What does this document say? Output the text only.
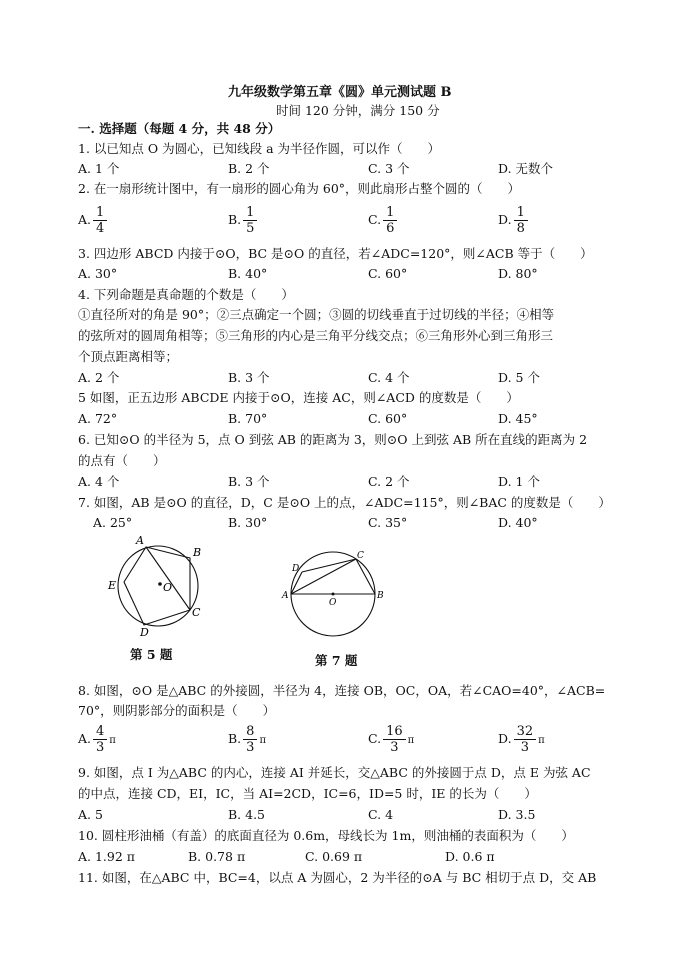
九年级数学第五章《圆》单元测试题 B
时间 120 分钟，满分 150 分
一. 选择题（每题 4 分，共 48 分）
1. 以已知点 O 为圆心，已知线段 a 为半径作圆，可以作（　　）
A. 1 个	B. 2 个	C. 3 个	D. 无数个
2. 在一扇形统计图中，有一扇形的圆心角为 60°，则此扇形占整个圆的（　　）
A. $\frac{1}{4}$	B. $\frac{1}{5}$	C. $\frac{1}{6}$	D. $\frac{1}{8}$
3. 四边形 ABCD 内接于⊙O，BC 是⊙O 的直径，若∠ADC=120°，则∠ACB 等于（　　）
A. 30°	B. 40°	C. 60°	D. 80°
4. 下列命题是真命题的个数是（　　）
①直径所对的角是 90°；②三点确定一个圆；③圆的切线垂直于过切线的半径；④相等
的弦所对的圆周角相等；⑤三角形的内心是三角平分线交点；⑥三角形外心到三角形三
个顶点距离相等；
A. 2 个	B. 3 个	C. 4 个	D. 5 个
5 如图，正五边形 ABCDE 内接于⊙O，连接 AC，则∠ACD 的度数是（　　）
A. 72°	B. 70°	C. 60°	D. 45°
6. 已知⊙O 的半径为 5，点 O 到弦 AB 的距离为 3，则⊙O 上到弦 AB 所在直线的距离为 2
的点有（　　）
A. 4 个	B. 3 个	C. 2 个	D. 1 个
7. 如图，AB 是⊙O 的直径，D，C 是⊙O 上的点，∠ADC=115°，则∠BAC 的度数是（　　）
A. 25°	B. 30°	C. 35°	D. 40°
A
B
C
D
E	O
第 5 题
A	B
C
D
O
第 7 题
8. 如图，⊙O 是△ABC 的外接圆，半径为 4，连接 OB，OC，OA，若∠CAO=40°，∠ACB=
70°，则阴影部分的面积是（　　）
A. $\frac{4}{3}$ π	B. $\frac{8}{3}$ π	C. $\frac{16}{3}$ π	D. $\frac{32}{3}$ π
9. 如图，点 I 为△ABC 的内心，连接 AI 并延长，交△ABC 的外接圆于点 D，点 E 为弦 AC
的中点，连接 CD，EI，IC，当 AI=2CD，IC=6，ID=5 时，IE 的长为（　　）
A. 5	B. 4.5	C. 4	D. 3.5
10. 圆柱形油桶（有盖）的底面直径为 0.6m，母线长为 1m，则油桶的表面积为（　　）
A. 1.92 π	B. 0.78 π	C. 0.69 π	D. 0.6 π
11. 如图，在△ABC 中，BC=4，以点 A 为圆心，2 为半径的⊙A 与 BC 相切于点 D，交 AB
